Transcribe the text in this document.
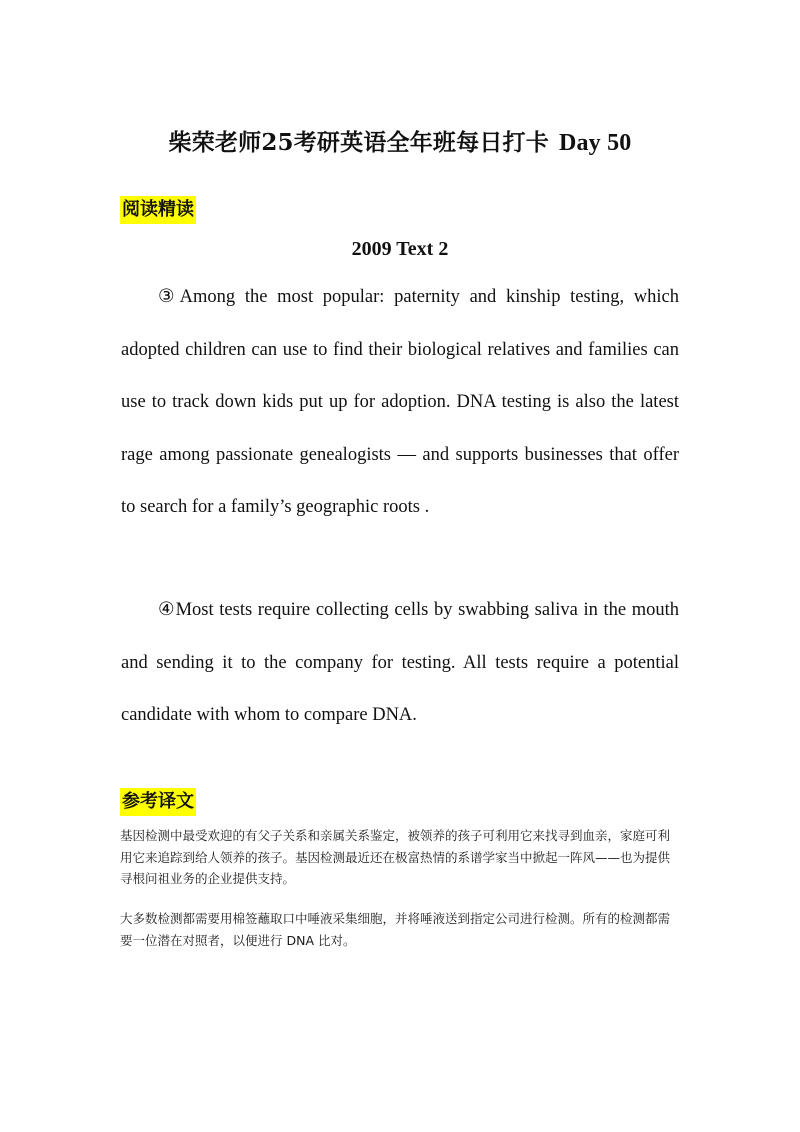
柴荣老师25考研英语全年班每日打卡 Day 50
阅读精读
2009 Text 2

③Among the most popular: paternity and kinship testing, which adopted children can use to find their biological relatives and families can use to track down kids put up for adoption. DNA testing is also the latest rage among passionate genealogists — and supports businesses that offer to search for a family’s geographic roots .

④Most tests require collecting cells by swabbing saliva in the mouth and sending it to the company for testing. All tests require a potential candidate with whom to compare DNA.

参考译文

基因检测中最受欢迎的有父子关系和亲属关系鉴定，被领养的孩子可利用它来找寻到血亲，家庭可利用它来追踪到给人领养的孩子。基因检测最近还在极富热情的系谱学家当中掀起一阵风——也为提供寻根问祖业务的企业提供支持。

大多数检测都需要用棉签蘸取口中唾液采集细胞，并将唾液送到指定公司进行检测。所有的检测都需要一位潜在对照者，以便进行 DNA 比对。
